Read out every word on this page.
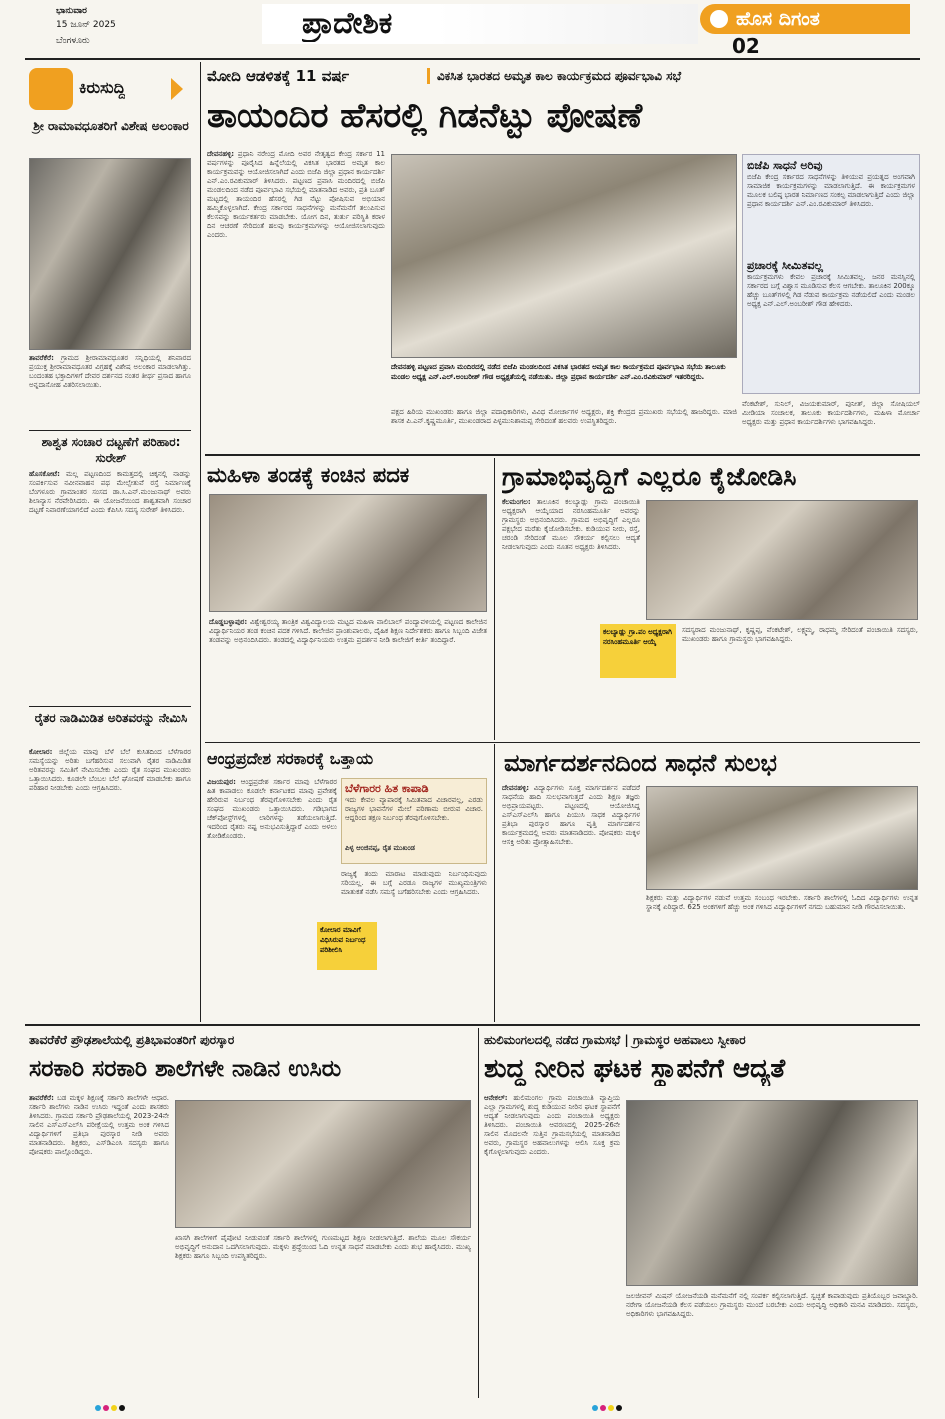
ಭಾನುವಾರ
15 ಜೂನ್ 2025
ಬೆಂಗಳೂರು	ಪ್ರಾದೇಶಿಕ	ಹೊಸ ದಿಗಂತ
02
ಕಿರುಸುದ್ದಿ
ಶ್ರೀ ರಾಮಾವಧೂತರಿಗೆ ವಿಶೇಷ ಅಲಂಕಾರ
ತಾವರೆಕೆರೆ: ಗ್ರಾಮದ ಶ್ರೀರಾಮಾವಧೂತರ ಸನ್ನಿಧಿಯಲ್ಲಿ ಶನಿವಾರದ ಪ್ರಯುಕ್ತ ಶ್ರೀರಾಮಾವಧೂತರ ವಿಗ್ರಹಕ್ಕೆ ವಿಶೇಷ ಅಲಂಕಾರ ಮಾಡಲಾಗಿತ್ತು. ಬಂದಂತಹ ಭಕ್ತಾದಿಗಳಿಗೆ ದೇವರ ದರ್ಶನದ ನಂತರ ತೀರ್ಥ ಪ್ರಸಾದ ಹಾಗೂ ಅನ್ನದಾಸೋಹ ವಿತರಿಸಲಾಯಿತು.
ಶಾಶ್ವತ ಸಂಚಾರ ದಟ್ಟಣೆಗೆ ಪರಿಹಾರ: ಸುರೇಶ್
ಹೊಸಕೋಟೆ: ಮಲ್ಲ ಪಟ್ಟಣದಿಂದ ಕಾಮತ್ತದಲ್ಲಿ ಚಿಕ್ಕನಲ್ಲಿ ನಾಡನ್ನು ಸಂಪರ್ಕಿಸುವ ನವೀನವಾಹನ ಪಥ ಮೇಲ್ಸೇತುವೆ ರಸ್ತೆ ನಿರ್ಮಾಣಕ್ಕೆ ಬೆಂಗಳೂರು ಗ್ರಾಮಾಂತರ ಸಂಸದ ಡಾ.ಸಿ.ಎನ್.ಮಂಜುನಾಥ್ ಅವರು ಶಿಲಾನ್ಯಾಸ ನೆರವೇರಿಸಿದರು. ಈ ಯೋಜನೆಯಿಂದ ಶಾಶ್ವತವಾಗಿ ಸಂಚಾರ ದಟ್ಟಣೆ ನಿವಾರಣೆಯಾಗಲಿದೆ ಎಂದು ಕೆಪಿಸಿಸಿ ಸದಸ್ಯ ಸುರೇಶ್ ತಿಳಿಸಿದರು.
ರೈತರ ನಾಡಿಮಿಡಿತ ಅರಿತವರನ್ನು ನೇಮಿಸಿ
ಕೋಲಾರ: ಜಿಲ್ಲೆಯ ಮಾವು ಬೆಳೆ ಬೆಲೆ ಕುಸಿತದಿಂದ ಬೆಳೆಗಾರರ ಸಮಸ್ಯೆಯನ್ನು ಅರಿತು ಬಗೆಹರಿಸುವ ಸಲುವಾಗಿ ರೈತರ ನಾಡಿಮಿಡಿತ ಅರಿತವರನ್ನು ಸಮಿತಿಗೆ ನೇಮಿಸಬೇಕು ಎಂದು ರೈತ ಸಂಘದ ಮುಖಂಡರು ಒತ್ತಾಯಿಸಿದರು. ಕೂಡಲೇ ಬೆಂಬಲ ಬೆಲೆ ಘೋಷಣೆ ಮಾಡಬೇಕು ಹಾಗೂ ಪರಿಹಾರ ನೀಡಬೇಕು ಎಂದು ಆಗ್ರಹಿಸಿದರು.
ಮೋದಿ ಆಡಳಿತಕ್ಕೆ 11 ವರ್ಷ	ವಿಕಸಿತ ಭಾರತದ ಅಮೃತ ಕಾಲ ಕಾರ್ಯಕ್ರಮದ ಪೂರ್ವಭಾವಿ ಸಭೆ
ತಾಯಂದಿರ ಹೆಸರಲ್ಲಿ ಗಿಡನೆಟ್ಟು ಪೋಷಣೆ
ದೇವನಹಳ್ಳಿ: ಪ್ರಧಾನಿ ನರೇಂದ್ರ ಮೋದಿ ಅವರ ನೇತೃತ್ವದ ಕೇಂದ್ರ ಸರ್ಕಾರ 11 ವರ್ಷಗಳನ್ನು ಪೂರೈಸಿದ ಹಿನ್ನೆಲೆಯಲ್ಲಿ ವಿಕಸಿತ ಭಾರತದ ಅಮೃತ ಕಾಲ ಕಾರ್ಯಕ್ರಮವನ್ನು ಆಯೋಜಿಸಲಾಗಿದೆ ಎಂದು ಬಿಜೆಪಿ ಜಿಲ್ಲಾ ಪ್ರಧಾನ ಕಾರ್ಯದರ್ಶಿ ಎನ್.ಎಂ.ರವಿಕುಮಾರ್ ತಿಳಿಸಿದರು. ಪಟ್ಟಣದ ಪ್ರವಾಸಿ ಮಂದಿರದಲ್ಲಿ ಬಿಜೆಪಿ ಮಂಡಲದಿಂದ ನಡೆದ ಪೂರ್ವಭಾವಿ ಸಭೆಯಲ್ಲಿ ಮಾತನಾಡಿದ ಅವರು, ಪ್ರತಿ ಬೂತ್ ಮಟ್ಟದಲ್ಲಿ ತಾಯಂದಿರ ಹೆಸರಲ್ಲಿ ಗಿಡ ನೆಟ್ಟು ಪೋಷಿಸುವ ಅಭಿಯಾನ ಹಮ್ಮಿಕೊಳ್ಳಲಾಗಿದೆ. ಕೇಂದ್ರ ಸರ್ಕಾರದ ಸಾಧನೆಗಳನ್ನು ಮನೆಮನೆಗೆ ತಲುಪಿಸುವ ಕೆಲಸವನ್ನು ಕಾರ್ಯಕರ್ತರು ಮಾಡಬೇಕು. ಯೋಗ ದಿನ, ತುರ್ತು ಪರಿಸ್ಥಿತಿ ಕರಾಳ ದಿನ ಆಚರಣೆ ಸೇರಿದಂತೆ ಹಲವು ಕಾರ್ಯಕ್ರಮಗಳನ್ನು ಆಯೋಜಿಸಲಾಗುವುದು ಎಂದರು.
ದೇವನಹಳ್ಳಿ ಪಟ್ಟಣದ ಪ್ರವಾಸಿ ಮಂದಿರದಲ್ಲಿ ನಡೆದ ಬಿಜೆಪಿ ಮಂಡಲದಿಂದ ವಿಕಸಿತ ಭಾರತದ ಅಮೃತ ಕಾಲ ಕಾರ್ಯಕ್ರಮದ ಪೂರ್ವಭಾವಿ ಸಭೆಯ ತಾಲೂಕು ಮಂಡಲ ಅಧ್ಯಕ್ಷ ಎನ್.ಎಲ್.ಅಂಬರೀಶ್ ಗೌಡ ಅಧ್ಯಕ್ಷತೆಯಲ್ಲಿ ನಡೆಯಿತು. ಜಿಲ್ಲಾ ಪ್ರಧಾನ ಕಾರ್ಯದರ್ಶಿ ಎನ್.ಎಂ.ರವಿಕುಮಾರ್ ಇತರರಿದ್ದರು.
ಪಕ್ಷದ ಹಿರಿಯ ಮುಖಂಡರು ಹಾಗೂ ಜಿಲ್ಲಾ ಪದಾಧಿಕಾರಿಗಳು, ವಿವಿಧ ಮೋರ್ಚಾಗಳ ಅಧ್ಯಕ್ಷರು, ಶಕ್ತಿ ಕೇಂದ್ರದ ಪ್ರಮುಖರು ಸಭೆಯಲ್ಲಿ ಹಾಜರಿದ್ದರು. ಮಾಜಿ ಶಾಸಕ ಪಿ.ಎನ್.ಕೃಷ್ಣಮೂರ್ತಿ, ಮುಖಂಡರಾದ ಪಿಳ್ಳಮುನಿಶಾಮಪ್ಪ ಸೇರಿದಂತೆ ಹಲವರು ಉಪಸ್ಥಿತರಿದ್ದರು.
ಬಿಜೆಪಿ ಸಾಧನೆ ಅರಿವು
ಬಿಜೆಪಿ ಕೇಂದ್ರ ಸರ್ಕಾರದ ಸಾಧನೆಗಳನ್ನು ತಿಳಿಯುವ ಪ್ರಯತ್ನದ ಅಂಗವಾಗಿ ಸಾಮಾಜಿಕ ಕಾರ್ಯಕ್ರಮಗಳನ್ನು ಮಾಡಲಾಗುತ್ತಿದೆ. ಈ ಕಾರ್ಯಕ್ರಮಗಳ ಮೂಲಕ ಬಲಿಷ್ಠ ಭಾರತ ನಿರ್ಮಾಣದ ಸಂಕಲ್ಪ ಮಾಡಲಾಗುತ್ತಿದೆ ಎಂದು ಜಿಲ್ಲಾ ಪ್ರಧಾನ ಕಾರ್ಯದರ್ಶಿ ಎನ್.ಎಂ.ರವಿಕುಮಾರ್ ತಿಳಿಸಿದರು.
ಪ್ರಚಾರಕ್ಕೆ ಸೀಮಿತವಲ್ಲ
ಕಾರ್ಯಕ್ರಮಗಳು ಕೇವಲ ಪ್ರಚಾರಕ್ಕೆ ಸೀಮಿತವಲ್ಲ. ಜನರ ಮನಸ್ಸಿನಲ್ಲಿ ಸರ್ಕಾರದ ಬಗ್ಗೆ ವಿಶ್ವಾಸ ಮೂಡಿಸುವ ಕೆಲಸ ಆಗಬೇಕು. ತಾಲೂಕಿನ 200ಕ್ಕೂ ಹೆಚ್ಚು ಬೂತ್‌ಗಳಲ್ಲಿ ಗಿಡ ನೆಡುವ ಕಾರ್ಯಕ್ರಮ ನಡೆಯಲಿದೆ ಎಂದು ಮಂಡಲ ಅಧ್ಯಕ್ಷ ಎನ್.ಎಲ್.ಅಂಬರೀಶ್ ಗೌಡ ಹೇಳಿದರು.
ವೆಂಕಟೇಶ್, ಸುನಿಲ್, ವಿಜಯಕುಮಾರ್, ಪುನೀತ್, ಜಿಲ್ಲಾ ಸೋಷಿಯಲ್ ಮೀಡಿಯಾ ಸಂಚಾಲಕ, ತಾಲೂಕು ಕಾರ್ಯದರ್ಶಿಗಳು, ಮಹಿಳಾ ಮೋರ್ಚಾ ಅಧ್ಯಕ್ಷರು ಮತ್ತು ಪ್ರಧಾನ ಕಾರ್ಯದರ್ಶಿಗಳು ಭಾಗವಹಿಸಿದ್ದರು.
ಮಹಿಳಾ ತಂಡಕ್ಕೆ ಕಂಚಿನ ಪದಕ
ದೊಡ್ಡಬಳ್ಳಾಪುರ: ವಿಶ್ವೇಶ್ವರಯ್ಯ ತಾಂತ್ರಿಕ ವಿಶ್ವವಿದ್ಯಾಲಯ ಮಟ್ಟದ ಮಹಿಳಾ ವಾಲಿಬಾಲ್ ಪಂದ್ಯಾವಳಿಯಲ್ಲಿ ಪಟ್ಟಣದ ಕಾಲೇಜಿನ ವಿದ್ಯಾರ್ಥಿನಿಯರ ತಂಡ ಕಂಚಿನ ಪದಕ ಗಳಿಸಿದೆ. ಕಾಲೇಜಿನ ಪ್ರಾಂಶುಪಾಲರು, ದೈಹಿಕ ಶಿಕ್ಷಣ ನಿರ್ದೇಶಕರು ಹಾಗೂ ಸಿಬ್ಬಂದಿ ವಿಜೇತ ತಂಡವನ್ನು ಅಭಿನಂದಿಸಿದರು. ತಂಡದಲ್ಲಿ ವಿದ್ಯಾರ್ಥಿನಿಯರು ಉತ್ತಮ ಪ್ರದರ್ಶನ ನೀಡಿ ಕಾಲೇಜಿಗೆ ಕೀರ್ತಿ ತಂದಿದ್ದಾರೆ.
ಗ್ರಾಮಾಭಿವೃದ್ಧಿಗೆ ಎಲ್ಲರೂ ಕೈಜೋಡಿಸಿ
ಕೆಲಮಂಗಲ: ತಾಲೂಕಿನ ಕಲಬ್ಯಾಡ್ಲು ಗ್ರಾಮ ಪಂಚಾಯಿತಿ ಅಧ್ಯಕ್ಷರಾಗಿ ಆಯ್ಕೆಯಾದ ನರಸಿಂಹಮೂರ್ತಿ ಅವರನ್ನು ಗ್ರಾಮಸ್ಥರು ಅಭಿನಂದಿಸಿದರು. ಗ್ರಾಮದ ಅಭಿವೃದ್ಧಿಗೆ ಎಲ್ಲರೂ ಪಕ್ಷಭೇದ ಮರೆತು ಕೈಜೋಡಿಸಬೇಕು. ಕುಡಿಯುವ ನೀರು, ರಸ್ತೆ, ಚರಂಡಿ ಸೇರಿದಂತೆ ಮೂಲ ಸೌಕರ್ಯ ಕಲ್ಪಿಸಲು ಆದ್ಯತೆ ನೀಡಲಾಗುವುದು ಎಂದು ನೂತನ ಅಧ್ಯಕ್ಷರು ತಿಳಿಸಿದರು.
ಕಲಬ್ಯಾಡ್ಲು ಗ್ರಾ.ಪಂ ಅಧ್ಯಕ್ಷರಾಗಿ ನರಸಿಂಹಮೂರ್ತಿ ಆಯ್ಕೆ
ಸದಸ್ಯರಾದ ಮಂಜುನಾಥ್, ಕೃಷ್ಣಪ್ಪ, ವೆಂಕಟೇಶ್, ಲಕ್ಷ್ಮಮ್ಮ, ರಾಧಮ್ಮ ಸೇರಿದಂತೆ ಪಂಚಾಯಿತಿ ಸದಸ್ಯರು, ಮುಖಂಡರು ಹಾಗೂ ಗ್ರಾಮಸ್ಥರು ಭಾಗವಹಿಸಿದ್ದರು.
ಆಂಧ್ರಪ್ರದೇಶ ಸರಕಾರಕ್ಕೆ ಒತ್ತಾಯ
ವಿಜಯಪುರ: ಆಂಧ್ರಪ್ರದೇಶ ಸರ್ಕಾರ ಮಾವು ಬೆಳೆಗಾರರ ಹಿತ ಕಾಪಾಡಲು ಕೂಡಲೇ ಕರ್ನಾಟಕದ ಮಾವು ಪ್ರವೇಶಕ್ಕೆ ಹೇರಿರುವ ನಿರ್ಬಂಧ ತೆರವುಗೊಳಿಸಬೇಕು ಎಂದು ರೈತ ಸಂಘದ ಮುಖಂಡರು ಒತ್ತಾಯಿಸಿದರು. ಗಡಿಭಾಗದ ಚೆಕ್‌ಪೋಸ್ಟ್‌ಗಳಲ್ಲಿ ಲಾರಿಗಳನ್ನು ತಡೆಯಲಾಗುತ್ತಿದೆ. ಇದರಿಂದ ರೈತರು ನಷ್ಟ ಅನುಭವಿಸುತ್ತಿದ್ದಾರೆ ಎಂದು ಅಳಲು ತೋಡಿಕೊಂಡರು.
ಬೆಳೆಗಾರರ ಹಿತ ಕಾಪಾಡಿ
ಇದು ಕೇವಲ ವ್ಯಾಪಾರಕ್ಕೆ ಸಿಮಿತವಾದ ವಿಚಾರವಲ್ಲ, ಎರಡು ರಾಜ್ಯಗಳ ಭಾವನೆಗಳ ಮೇಲೆ ಪರಿಣಾಮ ಬೀರುವ ವಿಚಾರ. ಆದ್ದರಿಂದ ತಕ್ಷಣ ನಿರ್ಬಂಧ ತೆರವುಗೊಳಿಸಬೇಕು.
ಪಿಳ್ಳ ಆಂಜಿನಪ್ಪ, ರೈತ ಮುಖಂಡ
ರಾಜ್ಯಕ್ಕೆ ತಂದು ಮಾರಾಟ ಮಾಡುವುದು ನಿರ್ಬಂಧಿಸುವುದು ಸರಿಯಲ್ಲ. ಈ ಬಗ್ಗೆ ಎರಡೂ ರಾಜ್ಯಗಳ ಮುಖ್ಯಮಂತ್ರಿಗಳು ಮಾತುಕತೆ ನಡೆಸಿ ಸಮಸ್ಯೆ ಬಗೆಹರಿಸಬೇಕು ಎಂದು ಆಗ್ರಹಿಸಿದರು.
ಕೋಲಾರ ಮಾವಿಗೆ ವಿಧಿಸಿರುವ ನಿರ್ಬಂಧ ಪರಿಶೀಲಿಸಿ
ಮಾರ್ಗದರ್ಶನದಿಂದ ಸಾಧನೆ ಸುಲಭ
ದೇವನಹಳ್ಳಿ: ವಿದ್ಯಾರ್ಥಿಗಳು ಸೂಕ್ತ ಮಾರ್ಗದರ್ಶನ ಪಡೆದರೆ ಸಾಧನೆಯ ಹಾದಿ ಸುಲಭವಾಗುತ್ತದೆ ಎಂದು ಶಿಕ್ಷಣ ತಜ್ಞರು ಅಭಿಪ್ರಾಯಪಟ್ಟರು. ಪಟ್ಟಣದಲ್ಲಿ ಆಯೋಜಿಸಿದ್ದ ಎಸ್‌ಎಸ್‌ಎಲ್‌ಸಿ ಹಾಗೂ ಪಿಯುಸಿ ಸಾಧಕ ವಿದ್ಯಾರ್ಥಿಗಳ ಪ್ರತಿಭಾ ಪುರಸ್ಕಾರ ಹಾಗೂ ವೃತ್ತಿ ಮಾರ್ಗದರ್ಶನ ಕಾರ್ಯಕ್ರಮದಲ್ಲಿ ಅವರು ಮಾತನಾಡಿದರು. ಪೋಷಕರು ಮಕ್ಕಳ ಆಸಕ್ತಿ ಅರಿತು ಪ್ರೋತ್ಸಾಹಿಸಬೇಕು.
ಶಿಕ್ಷಕರು ಮತ್ತು ವಿದ್ಯಾರ್ಥಿಗಳ ನಡುವೆ ಉತ್ತಮ ಸಂಬಂಧ ಇರಬೇಕು. ಸರ್ಕಾರಿ ಶಾಲೆಗಳಲ್ಲಿ ಓದಿದ ವಿದ್ಯಾರ್ಥಿಗಳು ಉನ್ನತ ಸ್ಥಾನಕ್ಕೆ ಏರಿದ್ದಾರೆ. 625 ಅಂಕಗಳಿಗೆ ಹೆಚ್ಚು ಅಂಕ ಗಳಿಸಿದ ವಿದ್ಯಾರ್ಥಿಗಳಿಗೆ ನಗದು ಬಹುಮಾನ ನೀಡಿ ಗೌರವಿಸಲಾಯಿತು.
ತಾವರೆಕೆರೆ ಪ್ರೌಢಶಾಲೆಯಲ್ಲಿ ಪ್ರತಿಭಾವಂತರಿಗೆ ಪುರಸ್ಕಾರ
ಸರಕಾರಿ ಸರಕಾರಿ ಶಾಲೆಗಳೇ ನಾಡಿನ ಉಸಿರು
ತಾವರೆಕೆರೆ: ಬಡ ಮಕ್ಕಳ ಶಿಕ್ಷಣಕ್ಕೆ ಸರ್ಕಾರಿ ಶಾಲೆಗಳೇ ಆಧಾರ. ಸರ್ಕಾರಿ ಶಾಲೆಗಳು ನಾಡಿನ ಉಸಿರು ಇದ್ದಂತೆ ಎಂದು ಶಾಸಕರು ತಿಳಿಸಿದರು. ಗ್ರಾಮದ ಸರ್ಕಾರಿ ಪ್ರೌಢಶಾಲೆಯಲ್ಲಿ 2023-24ನೇ ಸಾಲಿನ ಎಸ್‌ಎಸ್‌ಎಲ್‌ಸಿ ಪರೀಕ್ಷೆಯಲ್ಲಿ ಉತ್ತಮ ಅಂಕ ಗಳಿಸಿದ ವಿದ್ಯಾರ್ಥಿಗಳಿಗೆ ಪ್ರತಿಭಾ ಪುರಸ್ಕಾರ ನೀಡಿ ಅವರು ಮಾತನಾಡಿದರು. ಶಿಕ್ಷಕರು, ಎಸ್‌ಡಿಎಂಸಿ ಸದಸ್ಯರು ಹಾಗೂ ಪೋಷಕರು ಪಾಲ್ಗೊಂಡಿದ್ದರು.
ಖಾಸಗಿ ಶಾಲೆಗಳಿಗೆ ಪೈಪೋಟಿ ನೀಡುವಂತೆ ಸರ್ಕಾರಿ ಶಾಲೆಗಳಲ್ಲಿ ಗುಣಮಟ್ಟದ ಶಿಕ್ಷಣ ನೀಡಲಾಗುತ್ತಿದೆ. ಶಾಲೆಯ ಮೂಲ ಸೌಕರ್ಯ ಅಭಿವೃದ್ಧಿಗೆ ಅನುದಾನ ಒದಗಿಸಲಾಗುವುದು. ಮಕ್ಕಳು ಶ್ರದ್ಧೆಯಿಂದ ಓದಿ ಉನ್ನತ ಸಾಧನೆ ಮಾಡಬೇಕು ಎಂದು ಶುಭ ಹಾರೈಸಿದರು. ಮುಖ್ಯ ಶಿಕ್ಷಕರು ಹಾಗೂ ಸಿಬ್ಬಂದಿ ಉಪಸ್ಥಿತರಿದ್ದರು.
ಹುಲಿಮಂಗಲದಲ್ಲಿ ನಡೆದ ಗ್ರಾಮಸಭೆ | ಗ್ರಾಮಸ್ಥರ ಅಹವಾಲು ಸ್ವೀಕಾರ
ಶುದ್ಧ ನೀರಿನ ಘಟಕ ಸ್ಥಾಪನೆಗೆ ಆದ್ಯತೆ
ಆನೇಕಲ್: ಹುಲಿಮಂಗಲ ಗ್ರಾಮ ಪಂಚಾಯಿತಿ ವ್ಯಾಪ್ತಿಯ ಎಲ್ಲಾ ಗ್ರಾಮಗಳಲ್ಲಿ ಶುದ್ಧ ಕುಡಿಯುವ ನೀರಿನ ಘಟಕ ಸ್ಥಾಪನೆಗೆ ಆದ್ಯತೆ ನೀಡಲಾಗುವುದು ಎಂದು ಪಂಚಾಯಿತಿ ಅಧ್ಯಕ್ಷರು ತಿಳಿಸಿದರು. ಪಂಚಾಯಿತಿ ಆವರಣದಲ್ಲಿ 2025-26ನೇ ಸಾಲಿನ ಮೊದಲನೇ ಸುತ್ತಿನ ಗ್ರಾಮಸಭೆಯಲ್ಲಿ ಮಾತನಾಡಿದ ಅವರು, ಗ್ರಾಮಸ್ಥರ ಅಹವಾಲುಗಳನ್ನು ಆಲಿಸಿ ಸೂಕ್ತ ಕ್ರಮ ಕೈಗೊಳ್ಳಲಾಗುವುದು ಎಂದರು.
ಜಲಜೀವನ್ ಮಿಷನ್ ಯೋಜನೆಯಡಿ ಮನೆಮನೆಗೆ ನಲ್ಲಿ ಸಂಪರ್ಕ ಕಲ್ಪಿಸಲಾಗುತ್ತಿದೆ. ಸ್ವಚ್ಛತೆ ಕಾಪಾಡುವುದು ಪ್ರತಿಯೊಬ್ಬರ ಜವಾಬ್ದಾರಿ. ನರೇಗಾ ಯೋಜನೆಯಡಿ ಕೆಲಸ ಪಡೆಯಲು ಗ್ರಾಮಸ್ಥರು ಮುಂದೆ ಬರಬೇಕು ಎಂದು ಅಭಿವೃದ್ಧಿ ಅಧಿಕಾರಿ ಮನವಿ ಮಾಡಿದರು. ಸದಸ್ಯರು, ಅಧಿಕಾರಿಗಳು ಭಾಗವಹಿಸಿದ್ದರು.
